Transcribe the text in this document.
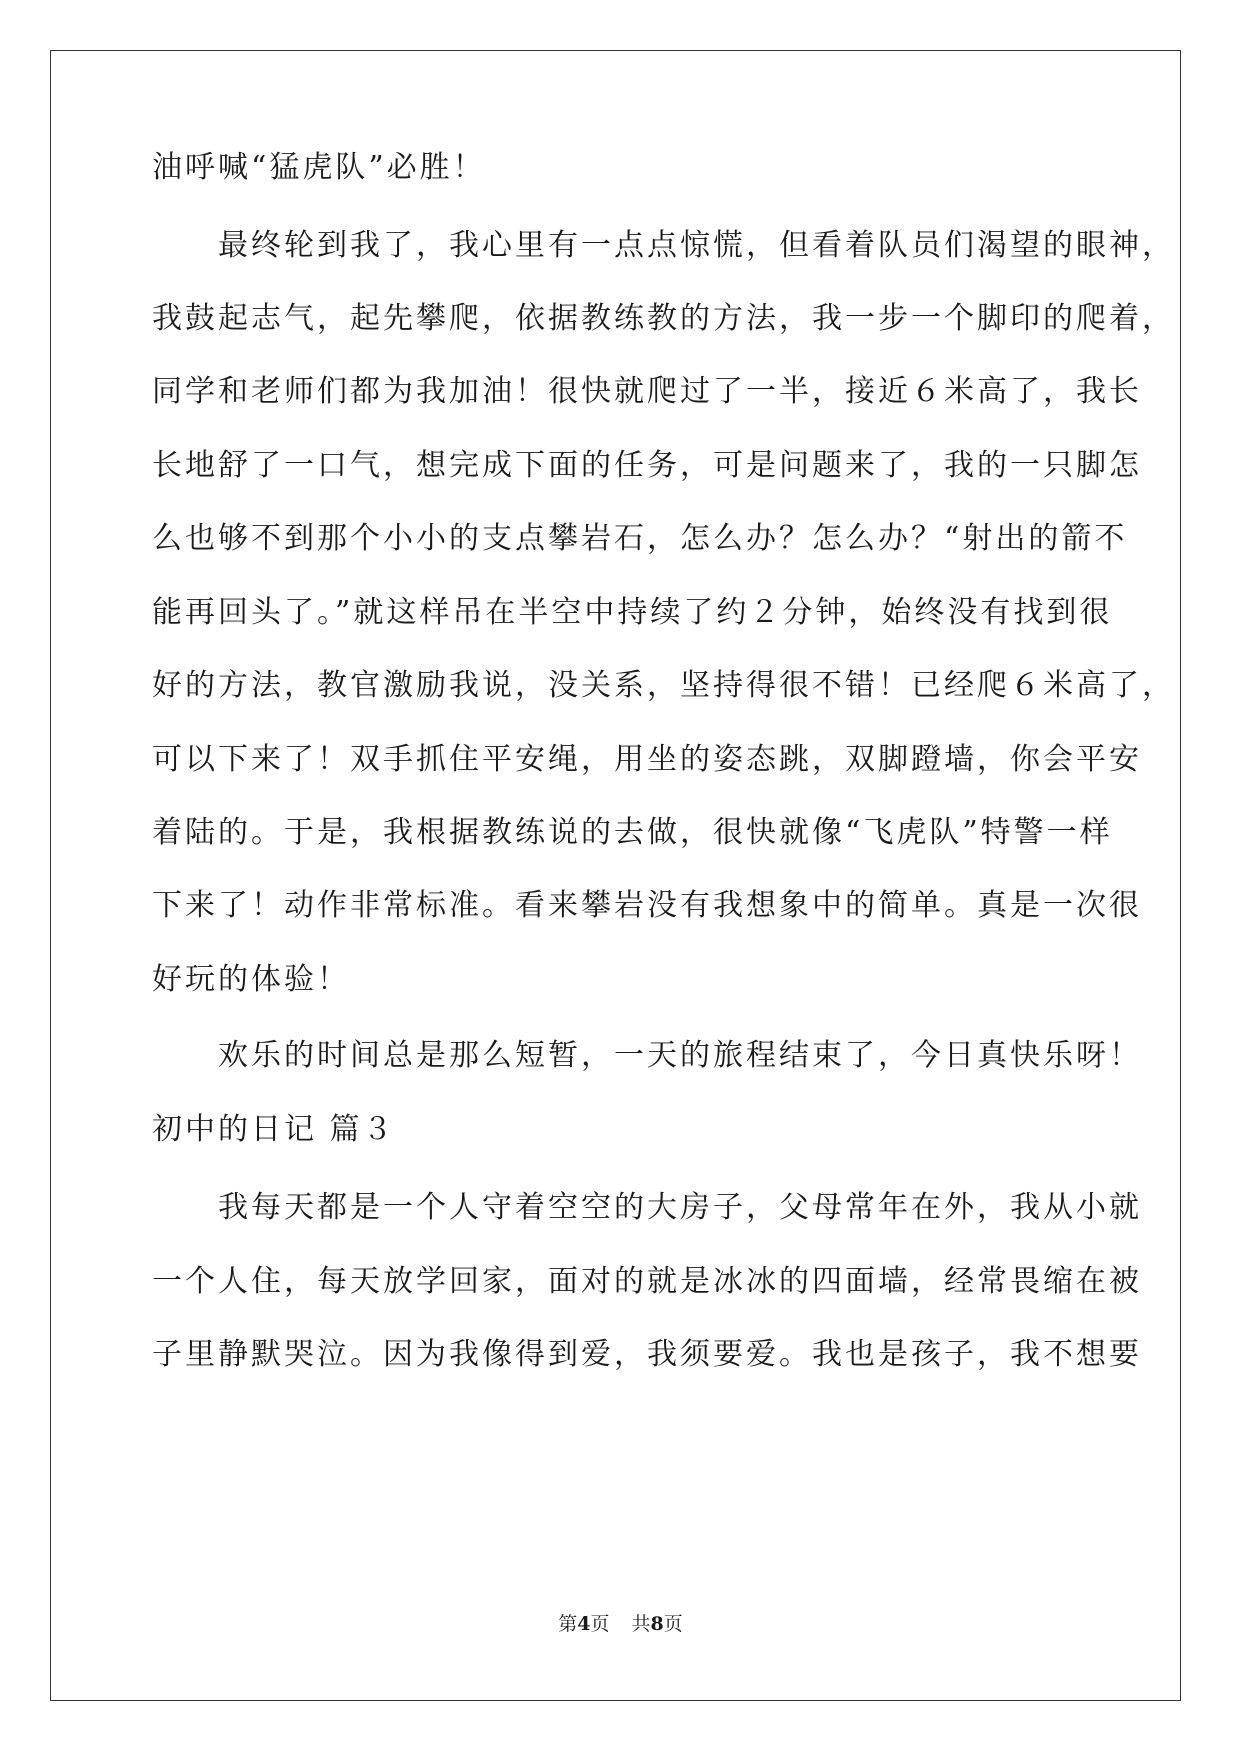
油呼喊“猛虎队”必胜！
　　最终轮到我了，我心里有一点点惊慌，但看着队员们渴望的眼神，
我鼓起志气，起先攀爬，依据教练教的方法，我一步一个脚印的爬着，
同学和老师们都为我加油！很快就爬过了一半，接近６米高了，我长
长地舒了一口气，想完成下面的任务，可是问题来了，我的一只脚怎
么也够不到那个小小的支点攀岩石，怎么办？怎么办？“射出的箭不
能再回头了。”就这样吊在半空中持续了约２分钟，始终没有找到很
好的方法，教官激励我说，没关系，坚持得很不错！已经爬６米高了，
可以下来了！双手抓住平安绳，用坐的姿态跳，双脚蹬墙，你会平安
着陆的。于是，我根据教练说的去做，很快就像“飞虎队”特警一样
下来了！动作非常标准。看来攀岩没有我想象中的简单。真是一次很
好玩的体验！
　　欢乐的时间总是那么短暂，一天的旅程结束了，今日真快乐呀！
初中的日记 篇３
　　我每天都是一个人守着空空的大房子，父母常年在外，我从小就
一个人住，每天放学回家，面对的就是冰冰的四面墙，经常畏缩在被
子里静默哭泣。因为我像得到爱，我须要爱。我也是孩子，我不想要
第4页 共8页
